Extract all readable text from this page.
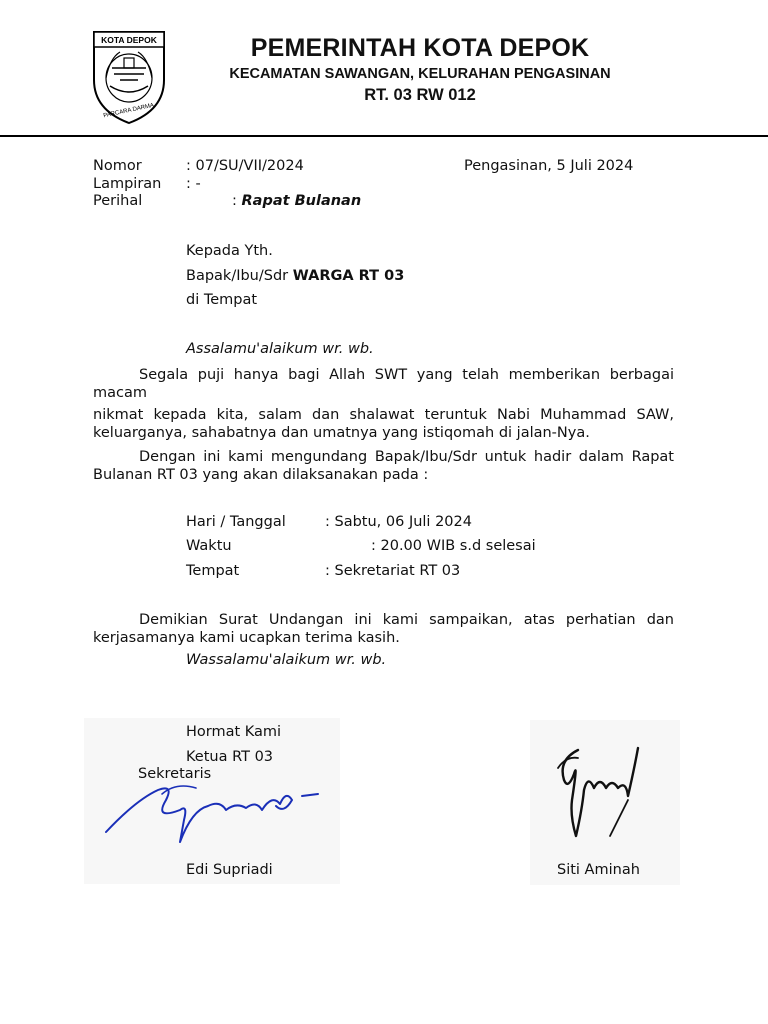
KOTA DEPOK
PARCARA DARMA
PEMERINTAH KOTA DEPOK
KECAMATAN SAWANGAN, KELURAHAN PENGASINAN
RT. 03 RW 012
Nomor	: 07/SU/VII/2024	Pengasinan, 5 Juli 2024
Lampiran : -
Perihal	: Rapat Bulanan
Kepada Yth.
Bapak/Ibu/Sdr WARGA RT 03
di Tempat
Assalamu'alaikum wr. wb.
Segala puji hanya bagi Allah SWT yang telah memberikan berbagai macam
nikmat kepada kita, salam dan shalawat teruntuk Nabi Muhammad SAW, keluarganya, sahabatnya dan umatnya yang istiqomah di jalan-Nya.
Dengan ini kami mengundang Bapak/Ibu/Sdr untuk hadir dalam Rapat Bulanan RT 03 yang akan dilaksanakan pada :
Hari / Tanggal	: Sabtu, 06 Juli 2024
Waktu	: 20.00 WIB s.d selesai
Tempat	: Sekretariat RT 03
Demikian Surat Undangan ini kami sampaikan, atas perhatian dan kerjasamanya kami ucapkan terima kasih.
Wassalamu'alaikum wr. wb.
Hormat Kami
Ketua RT 03
Sekretaris
Edi Supriadi	Siti Aminah
